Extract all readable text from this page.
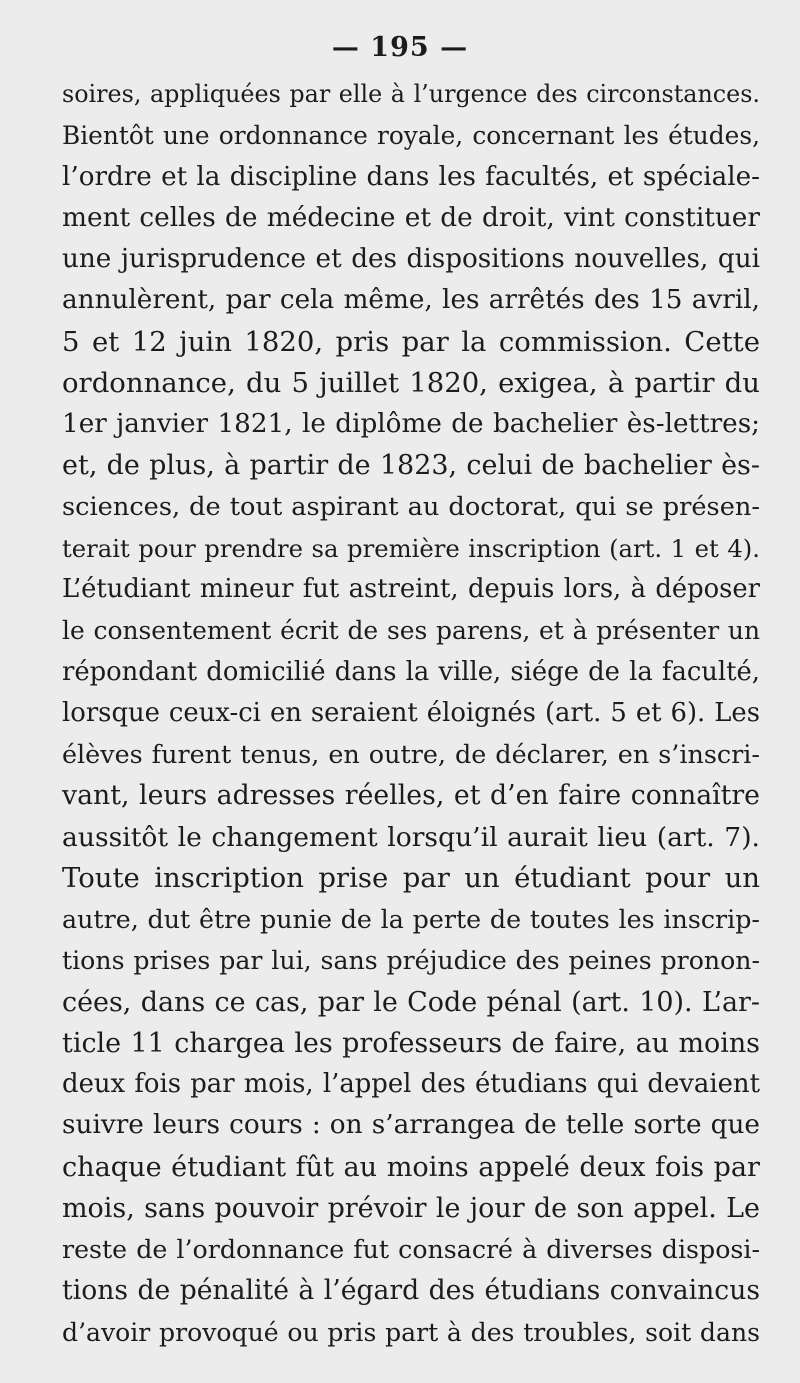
— 195 —
soires, appliquées par elle à l’urgence des circonstances.
Bientôt une ordonnance royale, concernant les études,
l’ordre et la discipline dans les facultés, et spéciale-
ment celles de médecine et de droit, vint constituer
une jurisprudence et des dispositions nouvelles, qui
annulèrent, par cela même, les arrêtés des 15 avril,
5 et 12 juin 1820, pris par la commission. Cette
ordonnance, du 5 juillet 1820, exigea, à partir du
1er janvier 1821, le diplôme de bachelier ès-lettres;
et, de plus, à partir de 1823, celui de bachelier ès-
sciences, de tout aspirant au doctorat, qui se présen-
terait pour prendre sa première inscription (art. 1 et 4).
L’étudiant mineur fut astreint, depuis lors, à déposer
le consentement écrit de ses parens, et à présenter un
répondant domicilié dans la ville, siége de la faculté,
lorsque ceux-ci en seraient éloignés (art. 5 et 6). Les
élèves furent tenus, en outre, de déclarer, en s’inscri-
vant, leurs adresses réelles, et d’en faire connaître
aussitôt le changement lorsqu’il aurait lieu (art. 7).
Toute inscription prise par un étudiant pour un
autre, dut être punie de la perte de toutes les inscrip-
tions prises par lui, sans préjudice des peines pronon-
cées, dans ce cas, par le Code pénal (art. 10). L’ar-
ticle 11 chargea les professeurs de faire, au moins
deux fois par mois, l’appel des étudians qui devaient
suivre leurs cours : on s’arrangea de telle sorte que
chaque étudiant fût au moins appelé deux fois par
mois, sans pouvoir prévoir le jour de son appel. Le
reste de l’ordonnance fut consacré à diverses disposi-
tions de pénalité à l’égard des étudians convaincus
d’avoir provoqué ou pris part à des troubles, soit dans
